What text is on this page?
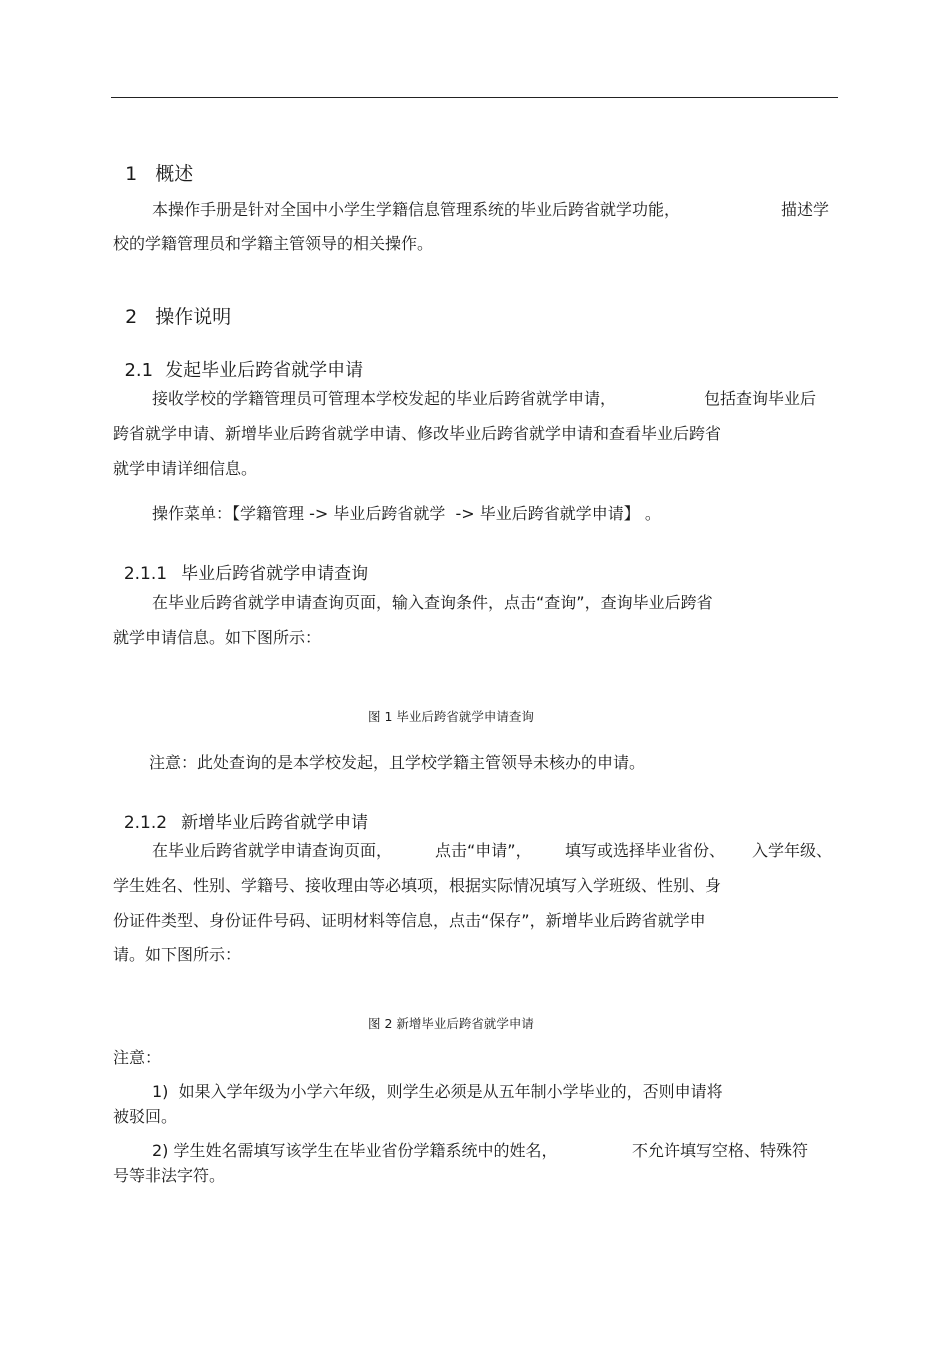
1 概述

本操作手册是针对全国中小学生学籍信息管理系统的毕业后跨省就学功能，	描述学
校的学籍管理员和学籍主管领导的相关操作。

2 操作说明

2.1 发起毕业后跨省就学申请

接收学校的学籍管理员可管理本学校发起的毕业后跨省就学申请，	包括查询毕业后
跨省就学申请、新增毕业后跨省就学申请、修改毕业后跨省就学申请和查看毕业后跨省
就学申请详细信息。
操作菜单：【学籍管理 -> 毕业后跨省就学  -> 毕业后跨省就学申请】 。

2.1.1 毕业后跨省就学申请查询

在毕业后跨省就学申请查询页面，输入查询条件，点击“查询”，查询毕业后跨省
就学申请信息。如下图所示：
图 1 毕业后跨省就学申请查询
注意：此处查询的是本学校发起，且学校学籍主管领导未核办的申请。

2.1.2 新增毕业后跨省就学申请

在毕业后跨省就学申请查询页面，	点击“申请”， 填写或选择毕业省份、 入学年级、
学生姓名、性别、学籍号、接收理由等必填项，根据实际情况填写入学班级、性别、身
份证件类型、身份证件号码、证明材料等信息，点击“保存”，新增毕业后跨省就学申
请。如下图所示：
图 2 新增毕业后跨省就学申请
注意：
1)  如果入学年级为小学六年级，则学生必须是从五年制小学毕业的，否则申请将
被驳回。
2) 学生姓名需填写该学生在毕业省份学籍系统中的姓名，	不允许填写空格、特殊符
号等非法字符。
